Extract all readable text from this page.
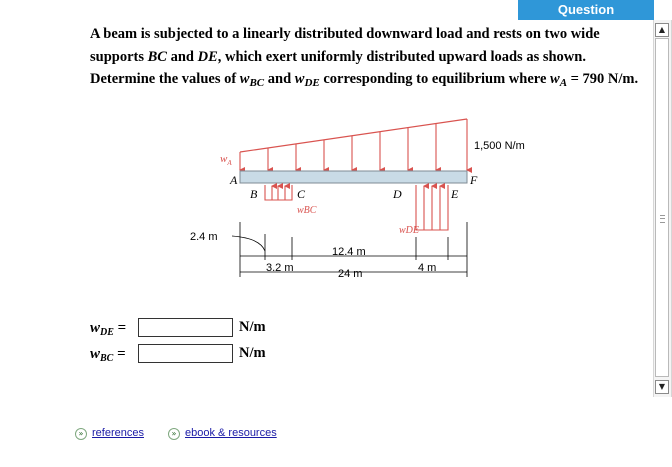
Question
▲
▼
A beam is subjected to a linearly distributed downward load and rests on two wide supports BC and DE, which exert uniformly distributed upward loads as shown. Determine the values of $w_{BC}$ and $w_{DE}$ corresponding to equilibrium where $w_A = 790$ N/m.
A
B	C	D	E
F
$w_A$
wBC
wDE
1,500 N/m
2.4 m
3.2 m
12.4 m
4 m
24 m
$w_{DE}$ =	N/m
$w_{BC}$ =	N/m
» references	» ebook & resources
